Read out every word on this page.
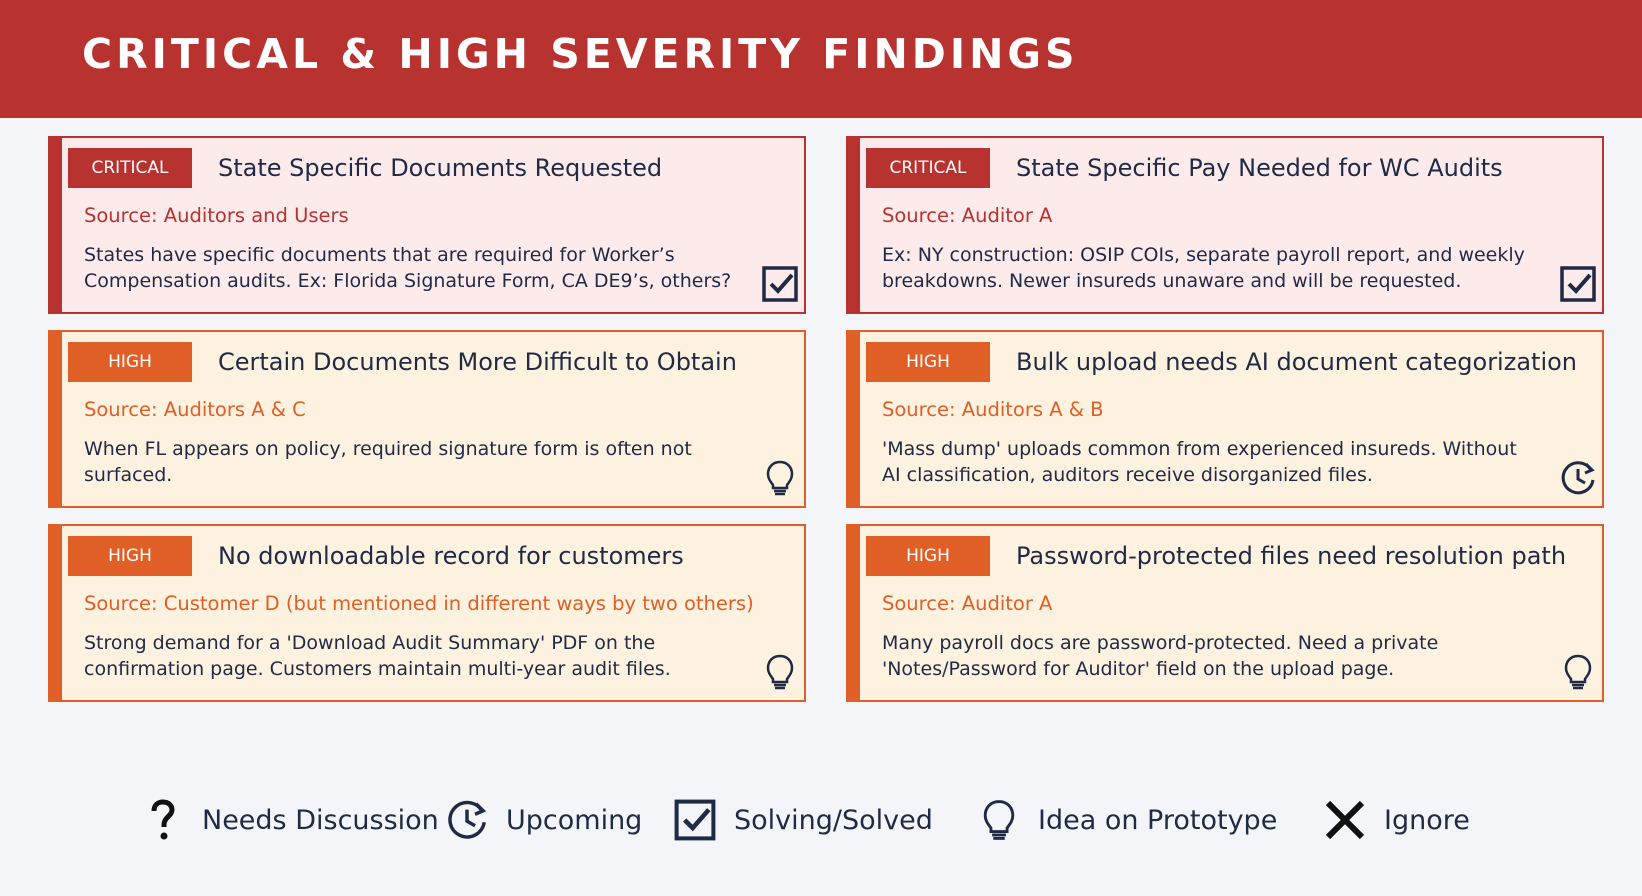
CRITICAL & HIGH SEVERITY FINDINGS
CRITICAL	State Specific Documents Requested
Source: Auditors and Users
States have specific documents that are required for Worker’s Compensation audits. Ex: Florida Signature Form, CA DE9’s, others?
CRITICAL	State Specific Pay Needed for WC Audits
Source: Auditor A
Ex: NY construction: OSIP COIs, separate payroll report, and weekly breakdowns. Newer insureds unaware and will be requested.
HIGH	Certain Documents More Difficult to Obtain
Source: Auditors A & C
When FL appears on policy, required signature form is often not surfaced.
HIGH	Bulk upload needs AI document categorization
Source: Auditors A & B
'Mass dump' uploads common from experienced insureds. Without AI classification, auditors receive disorganized files.
HIGH	No downloadable record for customers
Source: Customer D (but mentioned in different ways by two others)
Strong demand for a 'Download Audit Summary' PDF on the confirmation page. Customers maintain multi-year audit files.
HIGH	Password-protected files need resolution path
Source: Auditor A
Many payroll docs are password-protected. Need a private 'Notes/Password for Auditor' field on the upload page.
Needs Discussion Upcoming	Solving/Solved	Idea on Prototype	Ignore
